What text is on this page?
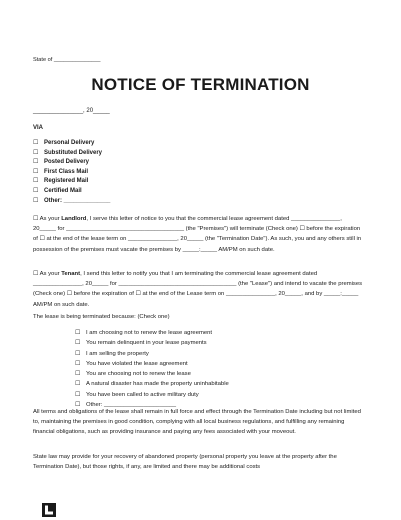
State of _______________
NOTICE OF TERMINATION
_______________, 20_____
VIA
☐ Personal Delivery
☐ Substituted Delivery
☐ Posted Delivery
☐ First Class Mail
☐ Registered Mail
☐ Certified Mail
☐ Other: ______________

☐ As your Landlord, I serve this letter of notice to you that the commercial lease agreement dated _______________, 20_____ for ____________________________________ (the "Premises") will terminate (Check one) ☐ before the expiration of ☐ at the end of the lease term on _______________, 20_____ (the "Termination Date"). As such, you and any others still in possession of the premises must vacate the premises by _____:_____ AM/PM on such date.

☐ As your Tenant, I send this letter to notify you that I am terminating the commercial lease agreement dated _______________, 20_____ for ____________________________________ (the "Lease") and intend to vacate the premises (Check one) ☐ before the expiration of ☐ at the end of the Lease term on _______________, 20_____, and by _____:_____ AM/PM on such date.

The lease is being terminated because: (Check one)

☐ I am choosing not to renew the lease agreement
☐ You remain delinquent in your lease payments
☐ I am selling the property
☐ You have violated the lease agreement
☐ You are choosing not to renew the lease
☐ A natural disaster has made the property uninhabitable
☐ You have been called to active military duty
☐ Other: ______________________

All terms and obligations of the lease shall remain in full force and effect through the Termination Date including but not limited to, maintaining the premises in good condition, complying with all local business regulations, and fulfilling any remaining financial obligations, such as providing insurance and paying any fees associated with your moveout.

State law may provide for your recovery of abandoned property (personal property you leave at the property after the Termination Date), but those rights, if any, are limited and there may be additional costs
